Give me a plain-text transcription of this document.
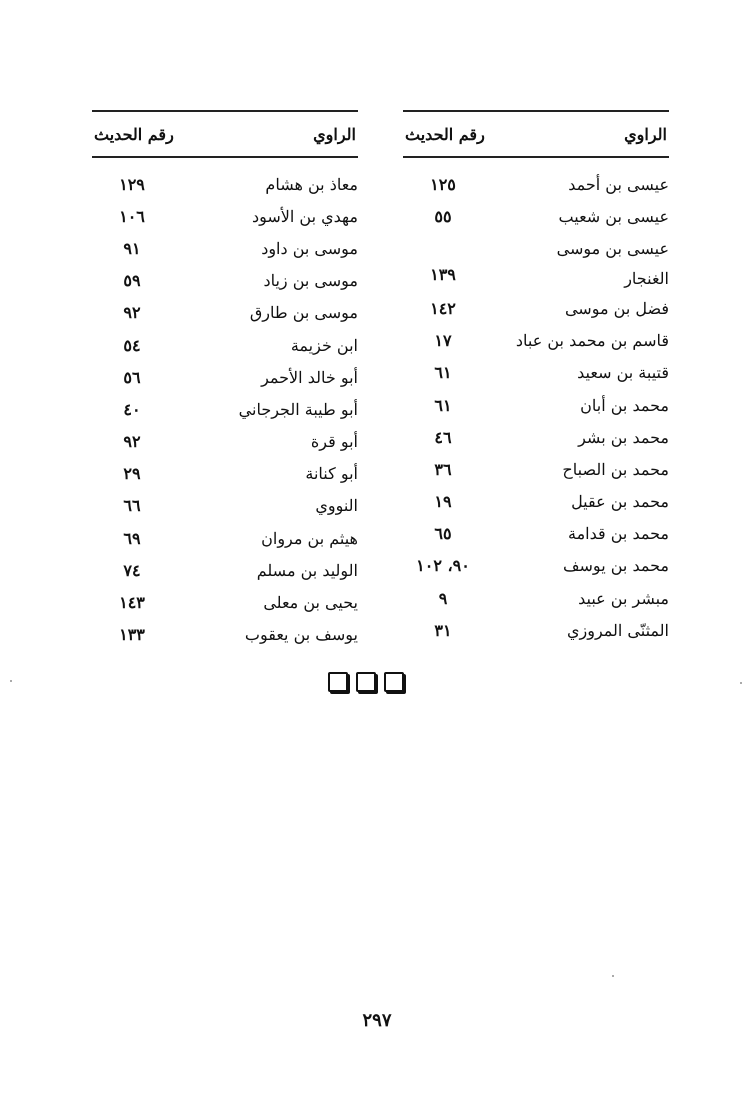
الراوي
رقم الحديث
عيسى بن أحمد
١٢٥
عيسى بن شعيب
٥٥
عيسى بن موسى الغنجار
١٣٩
فضل بن موسى
١٤٢
قاسم بن محمد بن عباد
١٧
قتيبة بن سعيد
٦١
محمد بن أبان
٦١
محمد بن بشر
٤٦
محمد بن الصباح
٣٦
محمد بن عقيل
١٩
محمد بن قدامة
٦٥
محمد بن يوسف
٩٠، ١٠٢
مبشر بن عبيد
٩
المثنّى المروزي
٣١
الراوي
رقم الحديث
معاذ بن هشام
١٢٩
مهدي بن الأسود
١٠٦
موسى بن داود
٩١
موسى بن زياد
٥٩
موسى بن طارق
٩٢
ابن خزيمة
٥٤
أبو خالد الأحمر
٥٦
أبو طيبة الجرجاني
٤٠
أبو قرة
٩٢
أبو كنانة
٢٩
النووي
٦٦
هيثم بن مروان
٦٩
الوليد بن مسلم
٧٤
يحيى بن معلى
١٤٣
يوسف بن يعقوب
١٣٣
٢٩٧
